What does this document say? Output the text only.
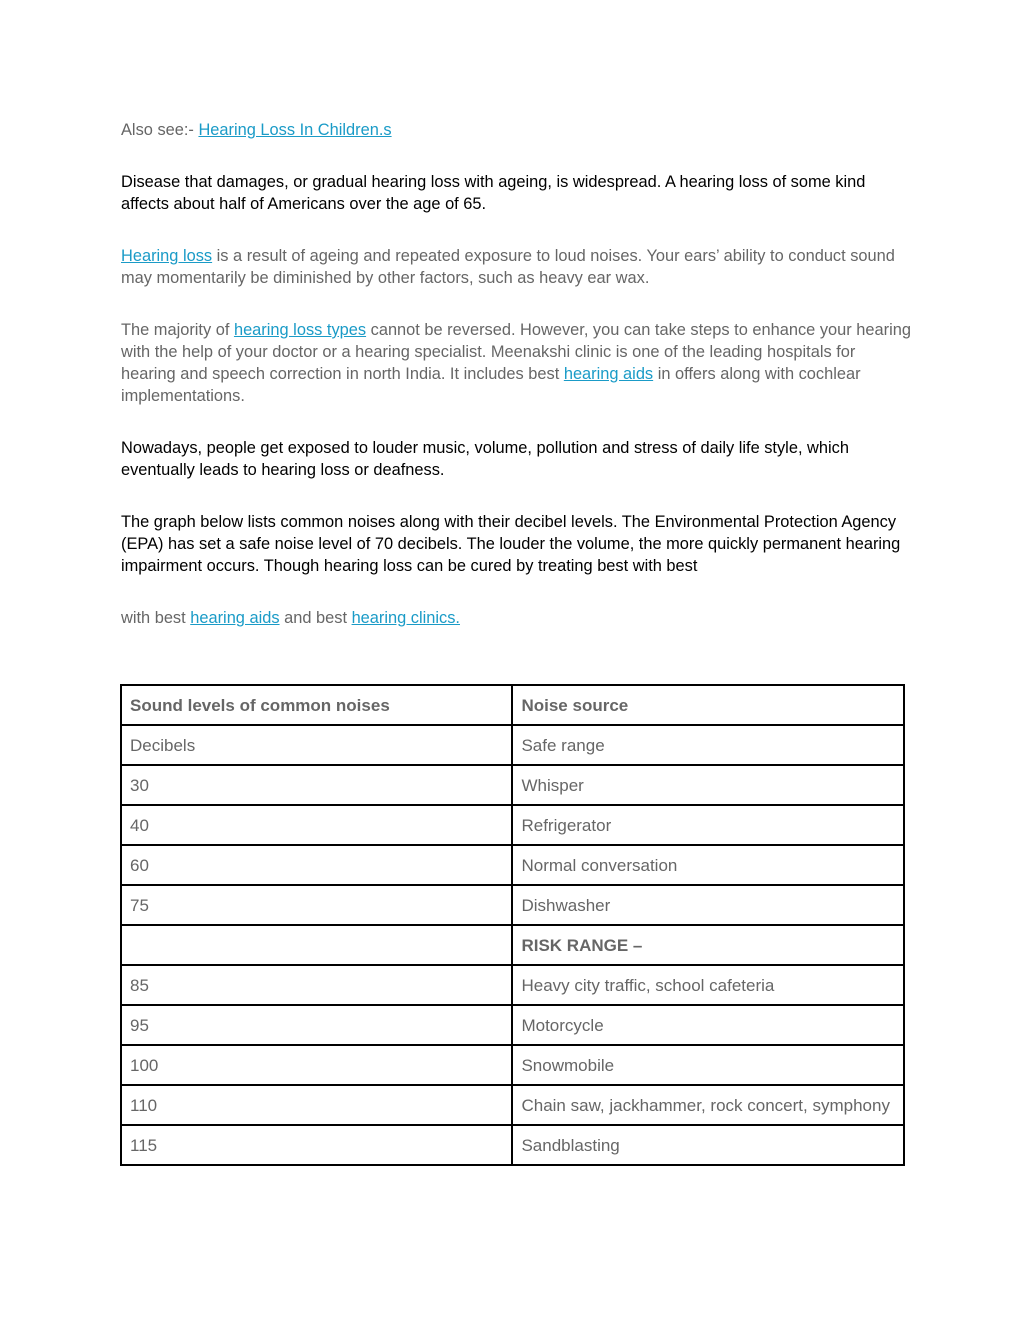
Also see:- Hearing Loss In Children.s

Disease that damages, or gradual hearing loss with ageing, is widespread. A hearing loss of some kind affects about half of Americans over the age of 65.

Hearing loss is a result of ageing and repeated exposure to loud noises. Your ears’ ability to conduct sound may momentarily be diminished by other factors, such as heavy ear wax.

The majority of hearing loss types cannot be reversed. However, you can take steps to enhance your hearing with the help of your doctor or a hearing specialist. Meenakshi clinic is one of the leading hospitals for hearing and speech correction in north India. It includes best hearing aids in offers along with cochlear implementations.

Nowadays, people get exposed to louder music, volume, pollution and stress of daily life style, which eventually leads to hearing loss or deafness.

The graph below lists common noises along with their decibel levels. The Environmental Protection Agency (EPA) has set a safe noise level of 70 decibels. The louder the volume, the more quickly permanent hearing impairment occurs. Though hearing loss can be cured by treating best with best

with best hearing aids and best hearing clinics.

Sound levels of common noises	Noise source
Decibels	Safe range
30	Whisper
40	Refrigerator
60	Normal conversation
75	Dishwasher
	RISK RANGE –
85	Heavy city traffic, school cafeteria
95	Motorcycle
100	Snowmobile
110	Chain saw, jackhammer, rock concert, symphony
115	Sandblasting
